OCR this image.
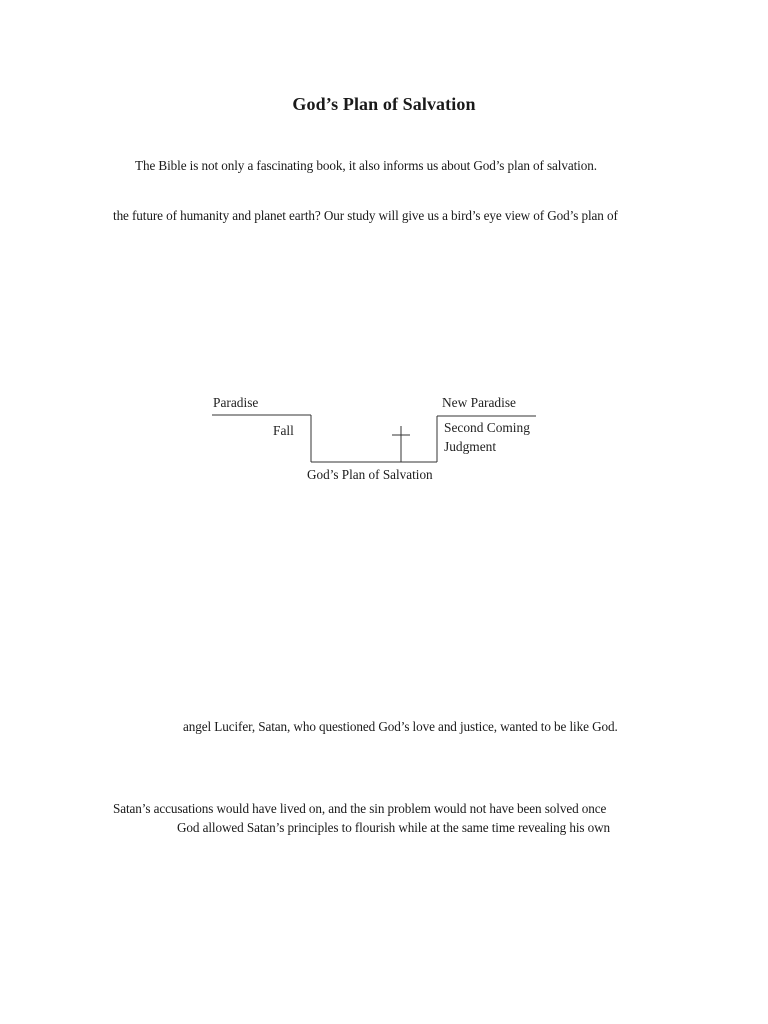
God’s Plan of Salvation

The Bible is not only a fascinating book, it also informs us about God’s plan of salvation.

the future of humanity and planet earth? Our study will give us a bird’s eye view of God’s plan of

Paradise	New Paradise
Fall	Second Coming
Judgment
God’s Plan of Salvation

angel Lucifer, Satan, who questioned God’s love and justice, wanted to be like God.

Satan’s accusations would have lived on, and the sin problem would not have been solved once

God allowed Satan’s principles to flourish while at the same time revealing his own
